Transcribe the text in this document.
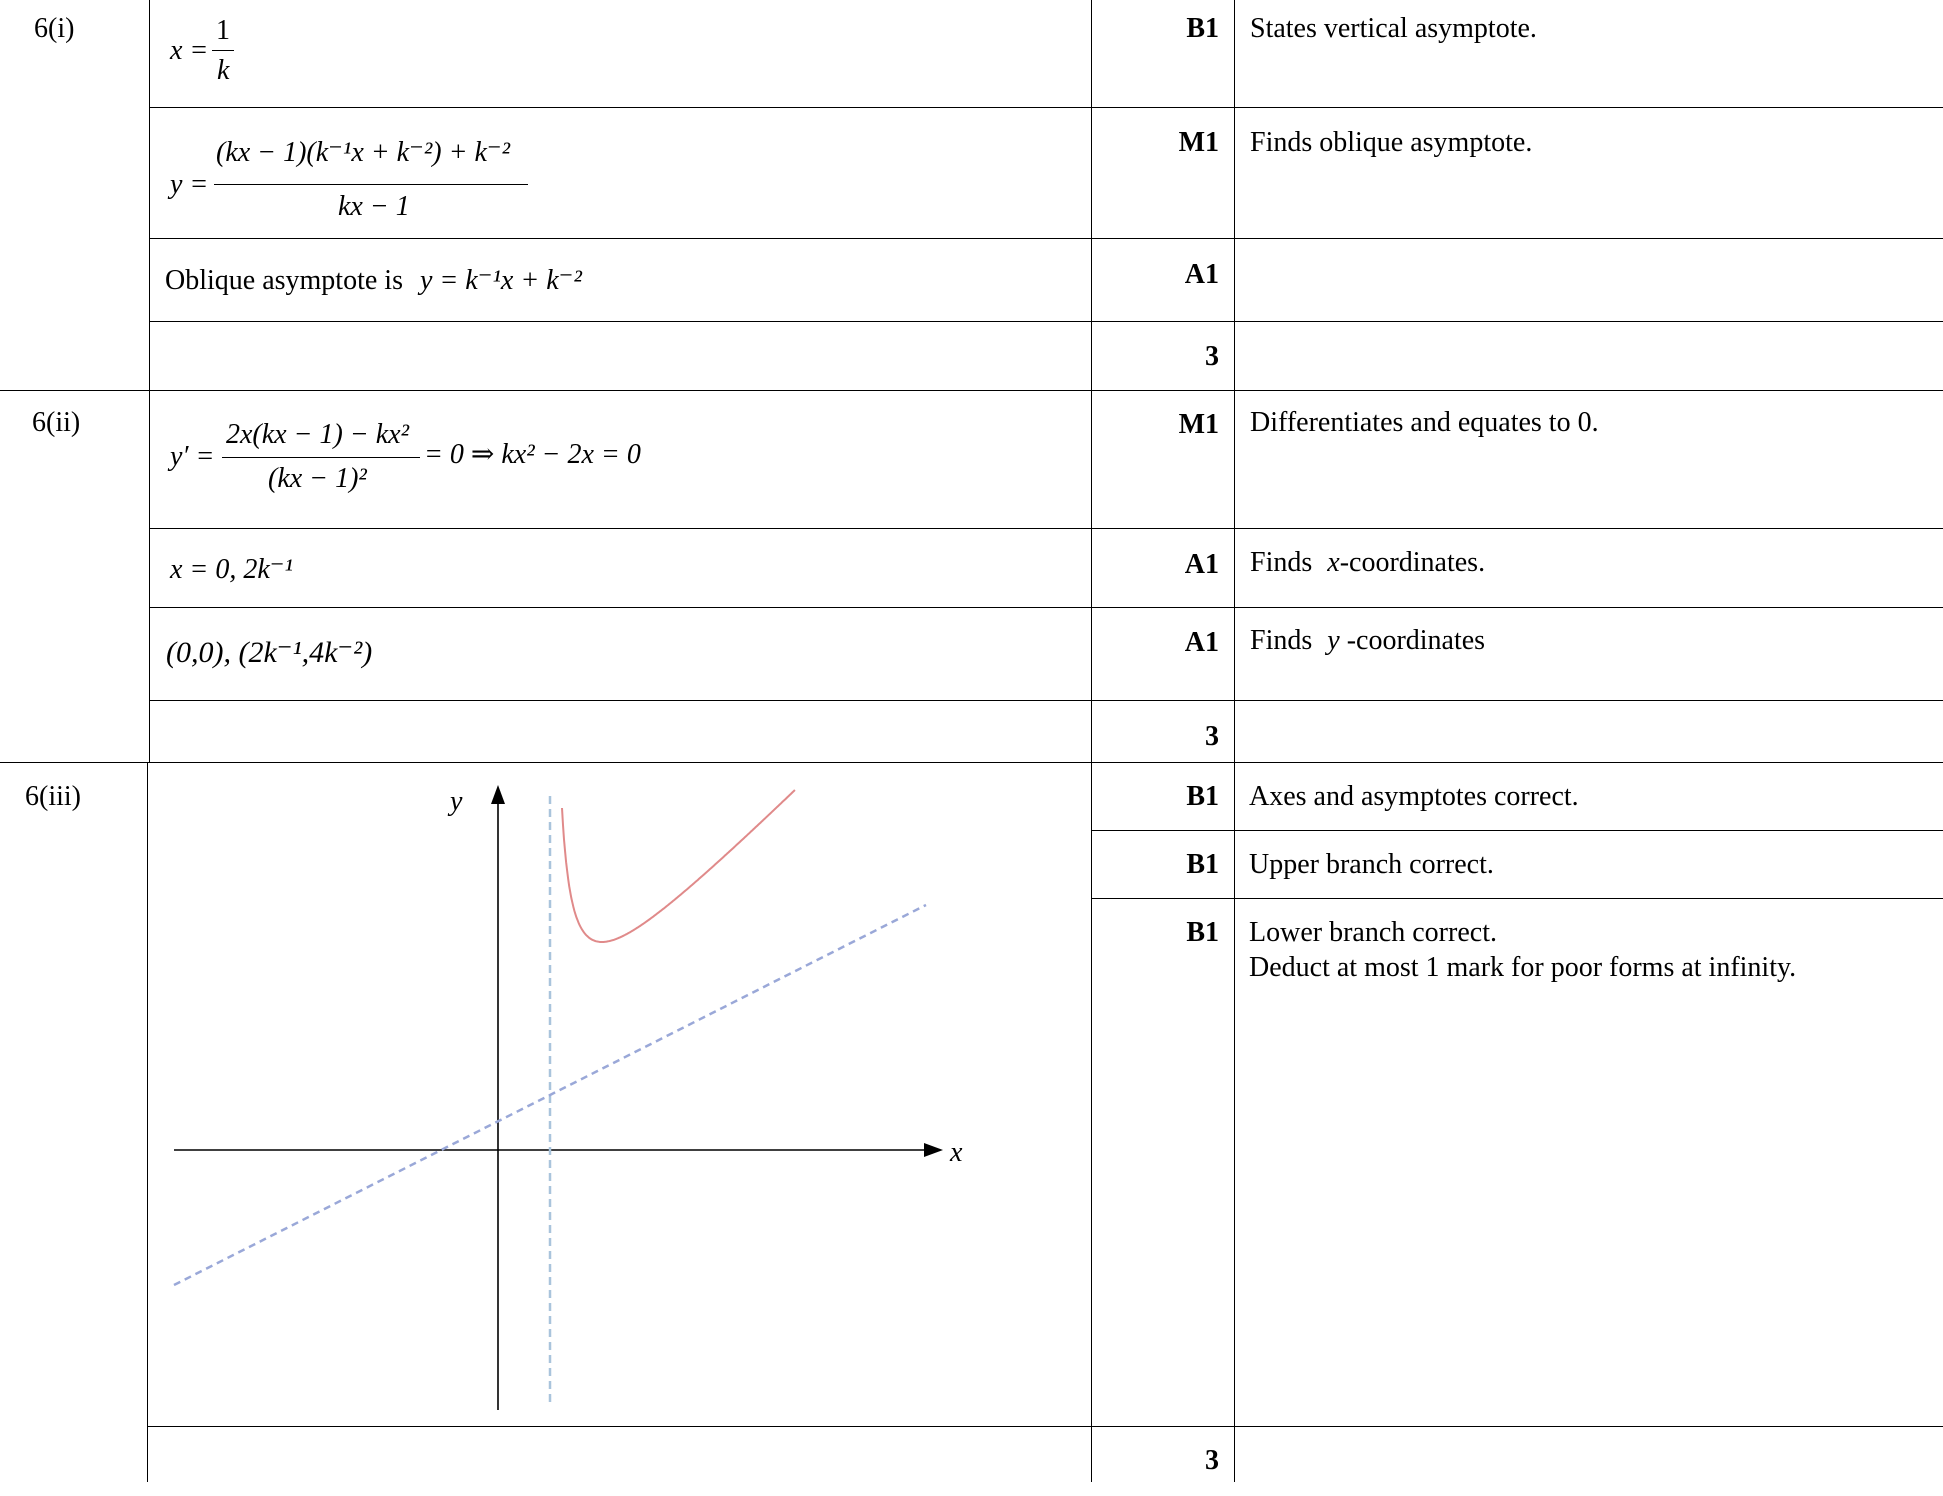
6(i)
6(ii)
6(iii)
x =
1
k
y =
(kx − 1)(k⁻¹x + k⁻²) + k⁻²
kx − 1
Oblique asymptote is y = k⁻¹x + k⁻²
B1
M1
A1
3
States vertical asymptote.
Finds oblique asymptote.
y′ =
2x(kx − 1) − kx²
(kx − 1)²
= 0 ⇒ kx² − 2x = 0
x = 0, 2k⁻¹
(0,0), (2k⁻¹,4k⁻²)
M1
A1
A1
3
Differentiates and equates to 0.
Finds x-coordinates.
Finds y -coordinates
x
y	B1
B1
B1
3
Axes and asymptotes correct.
Upper branch correct.
Lower branch correct.
Deduct at most 1 mark for poor forms at infinity.
